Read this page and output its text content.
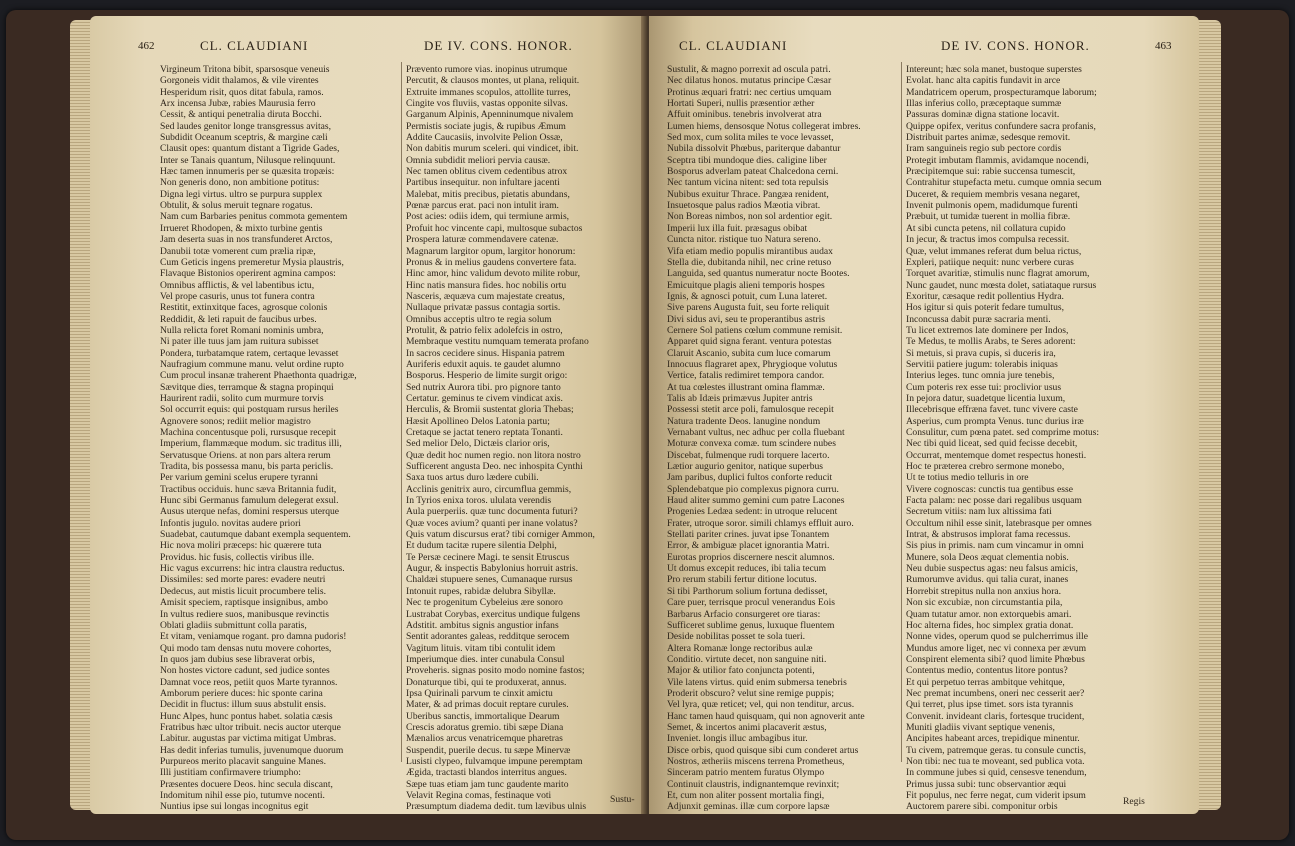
462	CL. CLAUDIANI	DE IV. CONS. HONOR.
Virgineum Tritona bibit, sparsosque veneuis
Gorgoneis vidit thalamos, & vile virentes
Hesperidum risit, quos ditat fabula, ramos.
Arx incensa Jubæ, rabies Maurusia ferro
Cessit, & antiqui penetralia diruta Bocchi.
Sed laudes genitor longe transgressus avitas,
Subdidit Oceanum sceptris, & margine cæli
Clausit opes: quantum distant a Tigride Gades,
Inter se Tanais quantum, Nilusque relinquunt.
Hæc tamen innumeris per se quæsita tropæis:
Non generis dono, non ambitione potitus:
Digna legi virtus. ultro se purpura supplex
Obtulit, & solus meruit tegnare rogatus.
Nam cum Barbaries penitus commota gementem
Irrueret Rhodopen, & mixto turbine gentis
Jam deserta suas in nos transfunderet Arctos,
Danubii totæ vomerent cum prælia ripæ,
Cum Geticis ingens premeretur Mysia plaustris,
Flavaque Bistonios operirent agmina campos:
Omnibus afflictis, & vel labentibus ictu,
Vel prope casuris, unus tot funera contra
Restitit, extinxitque faces, agrosque colonis
Reddidit, & leti rapuit de faucibus urbes.
Nulla relicta foret Romani nominis umbra,
Ni pater ille tuus jam jam ruitura subisset
Pondera, turbatamque ratem, certaque levasset
Naufragium commune manu. velut ordine rupto
Cum procul insanæ traherent Phaethonta quadrigæ,
Sævitque dies, terramque & stagna propinqui
Haurirent radii, solito cum murmure torvis
Sol occurrit equis: qui postquam rursus heriles
Agnovere sonos; rediit melior magistro
Machina concentusque poli, rursusque recepit
Imperium, flammæque modum. sic traditus illi,
Servatusque Oriens. at non pars altera rerum
Tradita, bis possessa manu, bis parta periclis.
Per varium gemini scelus erupere tyranni
Tractibus occiduis. hunc sæva Britannia fudit,
Hunc sibi Germanus famulum delegerat exsul.
Ausus uterque nefas, domini respersus uterque
Infontis jugulo. novitas audere priori
Suadebat, cautumque dabant exempla sequentem.
Hic nova moliri præceps: hic quærere tuta
Providus. hic fusis, collectis viribus ille.
Hic vagus excurrens: hic intra claustra reductus.
Dissimiles: sed morte pares: evadere neutri
Dedecus, aut mistis licuit procumbere telis.
Amisit speciem, raptisque insignibus, ambo
In vultus rediere suos, manibusque revinctis
Oblati gladiis submittunt colla paratis,
Et vitam, veniamque rogant. pro damna pudoris!
Qui modo tam densas nutu movere cohortes,
In quos jam dubius sese libraverat orbis,
Non hostes victore cadunt, sed judice sontes
Damnat voce reos, petiit quos Marte tyrannos.
Amborum periere duces: hic sponte carina
Decidit in fluctus: illum suus abstulit ensis.
Hunc Alpes, hunc pontus habet. solatia cæsis
Fratribus hæc ultor tribuit. necis auctor uterque
Labitur. augustas par victima mitigat Umbras.
Has dedit inferias tumulis, juvenumque duorum
Purpureos merito placavit sanguine Manes.
Illi justitiam confirmavere triumpho:
Præsentes docuere Deos. hinc secula discant,
Indomitum nihil esse pio, tutumve nocenti.
Nuntius ipse sui longas incognitus egit
Prævento rumore vias. inopinus utrumque
Percutit, & clausos montes, ut plana, reliquit.
Extruite immanes scopulos, attollite turres,
Cingite vos fluviis, vastas opponite silvas.
Garganum Alpinis, Apenninumque nivalem
Permistis sociate jugis, & rupibus Æmum
Addite Caucasiis, involvite Pelion Ossæ,
Non dabitis murum sceleri. qui vindicet, ibit.
Omnia subdidit meliori pervia causæ.
Nec tamen oblitus civem cedentibus atrox
Partibus insequitur. non infultare jacenti
Malebat, mitis precibus, pietatis abundans,
Pœnæ parcus erat. paci non intulit iram.
Post acies: odiis idem, qui termiune armis,
Profuit hoc vincente capi, multosque subactos
Prospera laturæ commendavere catenæ.
Magnarum largitor opum, largitor honorum:
Pronus & in melius gaudens convertere fata.
Hinc amor, hinc validum devoto milite robur,
Hinc natis mansura fides. hoc nobilis ortu
Nasceris, æquæva cum majestate creatus,
Nullaque privatæ passus contagia sortis.
Omnibus acceptis ultro te regia solum
Protulit, & patrio felix adolefcis in ostro,
Membraque vestitu numquam temerata profano
In sacros cecidere sinus. Hispania patrem
Auriferis eduxit aquis. te gaudet alumno
Bosporus. Hesperio de limite surgit origo:
Sed nutrix Aurora tibi. pro pignore tanto
Certatur. geminus te civem vindicat axis.
Herculis, & Bromii sustentat gloria Thebas;
Hæsit Apollineo Delos Latonia partu;
Cretaque se jactat tenero reptata Tonanti.
Sed melior Delo, Dictæis clarior oris,
Quæ dedit hoc numen regio. non litora nostro
Sufficerent angusta Deo. nec inhospita Cynthi
Saxa tuos artus duro lædere cubili.
Acclinis genitrix auro, circumflua gemmis,
In Tyrios enixa toros. ululata verendis
Aula puerperiis. quæ tunc documenta futuri?
Quæ voces avium? quanti per inane volatus?
Quis vatum discursus erat? tibi corniger Ammon,
Et dudum tacitæ rupere silentia Delphi,
Te Persæ cecinere Magi. te sensit Etruscus
Augur, & inspectis Babylonius horruit astris.
Chaldæi stupuere senes, Cumanaque rursus
Intonuit rupes, rabidæ delubra Sibyllæ.
Nec te progenitum Cybeleius ære sonoro
Lustrabat Corybas, exercitus undique fulgens
Adstitit. ambitus signis angustior infans
Sentit adorantes galeas, redditque serocem
Vagitum lituis. vitam tibi contulit idem
Imperiumque dies. inter cunabula Consul
Proveheris. signas posito modo nomine fastos;
Donaturque tibi, qui te produxerat, annus.
Ipsa Quirinali parvum te cinxit amictu
Mater, & ad primas docuit reptare curules.
Uberibus sanctis, immortalique Dearum
Crescis adoratus gremio. tibi sæpe Diana
Mænalios arcus venatricemque pharetras
Suspendit, puerile decus. tu sæpe Minervæ
Lusisti clypeo, fulvamque impune peremptam
Ægida, tractasti blandos interritus angues.
Sæpe tuas etiam jam tunc gaudente marito
Velavit Regina comas, festinaque voti
Præsumptum diadema dedit. tum lævibus ulnis
Sustu-
CL. CLAUDIANI	DE IV. CONS. HONOR.	463
Sustulit, & magno porrexit ad oscula patri.
Nec dilatus honos. mutatus principe Cæsar
Protinus æquari fratri: nec certius umquam
Hortati Superi, nullis præsentior æther
Affuit ominibus. tenebris involverat atra
Lumen hiems, densosque Notus collegerat imbres.
Sed mox, cum solita miles te voce levasset,
Nubila dissolvit Phœbus, pariterque dabantur
Sceptra tibi mundoque dies. caligine liber
Bosporus adverlam pateat Chalcedona cerni.
Nec tantum vicina nitent: sed tota repulsis
Nubibus exuitur Thrace. Pangæa renident,
Insuetosque palus radios Mæotia vibrat.
Non Boreas nimbos, non sol ardentior egit.
Imperii lux illa fuit. præsagus obibat
Cuncta nitor. ristique tuo Natura sereno.
Vifa etiam medio populis mirantibus audax
Stella die, dubitanda nihil, nec crine retuso
Languida, sed quantus numeratur nocte Bootes.
Emicuitque plagis alieni temporis hospes
Ignis, & agnosci potuit, cum Luna lateret.
Sive parens Augusta fuit, seu forte reliquit
Divi sidus avi, seu te properantibus astris
Cernere Sol patiens cœlum commune remisit.
Apparet quid signa ferant. ventura potestas
Claruit Ascanio, subita cum luce comarum
Innocuus flagraret apex, Phrygioque volutus
Vertice, fatalis redimiret tempora candor.
At tua cœlestes illustrant omina flammæ.
Talis ab Idæis primævus Jupiter antris
Possessi stetit arce poli, famulosque recepit
Natura tradente Deos. lanugine nondum
Vernabant vultus, nec adhuc per colla fluebant
Moturæ convexa comæ. tum scindere nubes
Discebat, fulmenque rudi torquere lacerto.
Lætior augurio genitor, natique superbus
Jam paribus, duplici fultos conforte reducit
Splendebatque pio complexus pignora curru.
Haud aliter summo gemini cum patre Lacones
Progenies Ledæa sedent: in utroque relucent
Frater, utroque soror. simili chlamys effluit auro.
Stellati pariter crines. juvat ipse Tonantem
Error, & ambiguæ placet ignorantia Matri.
Eurotas proprios discernere nescit alumnos.
Ut domus excepit reduces, ibi talia tecum
Pro rerum stabili fertur ditione locutus.
Si tibi Parthorum solium fortuna dedisset,
Care puer, terrisque procul venerandus Eois
Barbarus Arfacio consurgeret ore tiaras:
Sufficeret sublime genus, luxuque fluentem
Deside nobilitas posset te sola tueri.
Altera Romanæ longe rectoribus aulæ
Conditio. virtute decet, non sanguine niti.
Major & utilior fato conjuncta potenti,
Vile latens virtus. quid enim submersa tenebris
Proderit obscuro? velut sine remige puppis;
Vel lyra, quæ reticet; vel, qui non tenditur, arcus.
Hanc tamen haud quisquam, qui non agnoverit ante
Semet, & incertos animi placaverit æstus,
Inveniet. longis illuc ambagibus itur.
Disce orbis, quod quisque sibi cum conderet artus
Nostros, ætheriis miscens terrena Prometheus,
Sinceram patrio mentem furatus Olympo
Continuit claustris, indignantemque revinxit;
Et, cum non aliter possent mortalia fingi,
Adjunxit geminas. illæ cum corpore lapsæ
Intereunt; hæc sola manet, bustoque superstes
Evolat. hanc alta capitis fundavit in arce
Mandatricem operum, prospecturamque laborum;
Illas inferius collo, præceptaque summæ
Passuras dominæ digna statione locavit.
Quippe opifex, veritus confundere sacra profanis,
Distribuit partes animæ, sedesque removit.
Iram sanguineis regio sub pectore cordis
Protegit imbutam flammis, avidamque nocendi,
Præcipitemque sui: rabie succensa tumescit,
Contrahitur stupefacta metu. cumque omnia secum
Duceret, & requiem membris vesana negaret,
Invenit pulmonis opem, madidumque furenti
Præbuit, ut tumidæ tuerent in mollia fibræ.
At sibi cuncta petens, nil collatura cupido
In jecur, & tractus imos compulsa recessit.
Quæ, velut immanes referat dum belua rictus,
Expleri, patiique nequit: nunc verbere curas
Torquet avaritiæ, stimulis nunc flagrat amorum,
Nunc gaudet, nunc mœsta dolet, satiataque rursus
Exoritur, cæsaque redit pollentius Hydra.
Hos igitur si quis poterit fedare tumultus,
Inconcussa dabit puræ sacraria menti.
Tu licet extremos late dominere per Indos,
Te Medus, te mollis Arabs, te Seres adorent:
Si metuis, si prava cupis, si duceris ira,
Servitii patiere jugum: tolerabis iniquas
Interius leges. tunc omnia jure tenebis,
Cum poteris rex esse tui: proclivior usus
In pejora datur, suadetque licentia luxum,
Illecebrisque effræna favet. tunc vivere caste
Asperius, cum prompta Venus. tunc durius iræ
Consulitur, cum pœna patet. sed comprime motus:
Nec tibi quid liceat, sed quid fecisse decebit,
Occurrat, mentemque domet respectus honesti.
Hoc te præterea crebro sermone monebo,
Ut te totius medio telluris in ore
Vivere cognoscas: cunctis tua gentibus esse
Facta palam: nec posse dari regalibus usquam
Secretum vitiis: nam lux altissima fati
Occultum nihil esse sinit, latebrasque per omnes
Intrat, & abstrusos implorat fama recessus.
Sis pius in primis. nam cum vincamur in omni
Munere, sola Deos æquat clementia nobis.
Neu dubie suspectus agas: neu falsus amicis,
Rumorumve avidus. qui talia curat, inanes
Horrebit strepitus nulla non anxius hora.
Non sic excubiæ, non circumstantia pila,
Quam tutatur amor. non extorquebis amari.
Hoc alterna fides, hoc simplex gratia donat.
Nonne vides, operum quod se pulcherrimus ille
Mundus amore liget, nec vi connexa per ævum
Conspirent elementa sibi? quod limite Phœbus
Contentus medio, contentus litore pontus?
Et qui perpetuo terras ambitque vehitque,
Nec premat incumbens, oneri nec cesserit aer?
Qui terret, plus ipse timet. sors ista tyrannis
Convenit. invideant claris, fortesque trucident,
Muniti gladiis vivant septique venenis,
Ancipites habeant arces, trepidique minentur.
Tu civem, patremque geras. tu consule cunctis,
Non tibi: nec tua te moveant, sed publica vota.
In commune jubes si quid, censesve tenendum,
Primus jussa subi: tunc observantior æqui
Fit populus, nec ferre negat, cum viderit ipsum
Auctorem parere sibi. componitur orbis	Regis
